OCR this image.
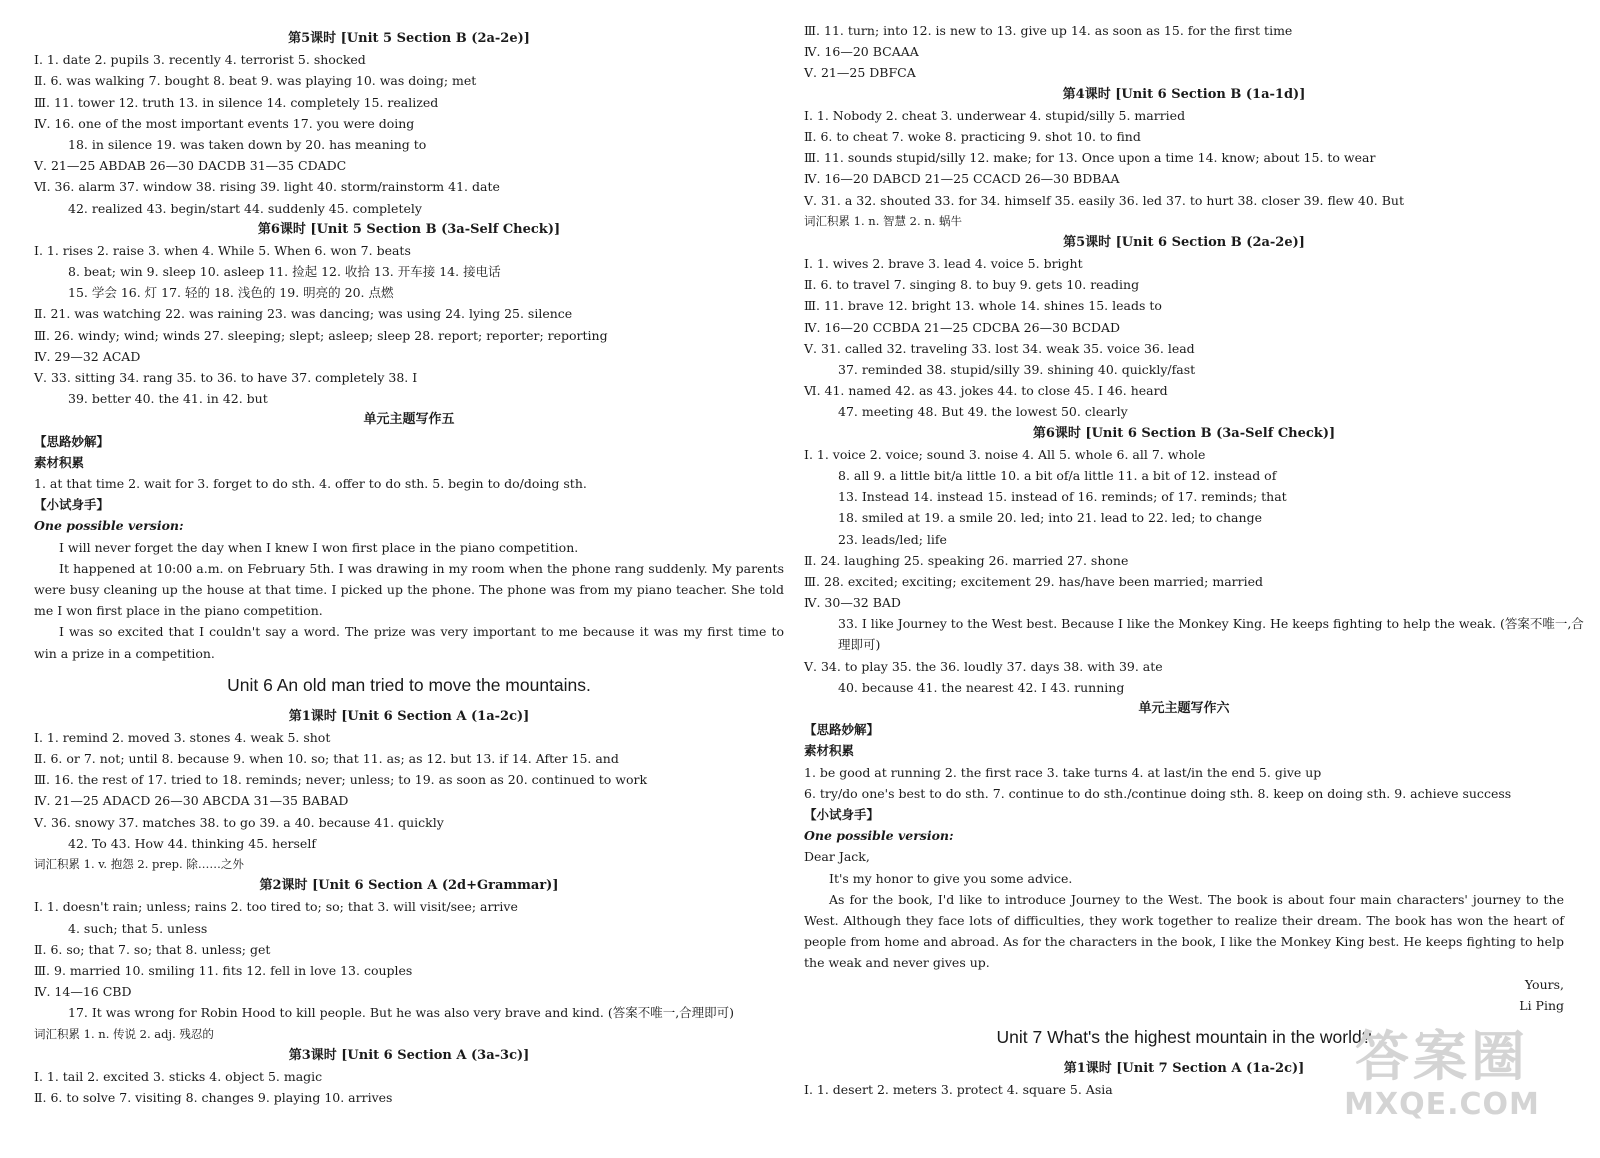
第5课时 [Unit 5 Section B (2a-2e)]
Ⅰ. 1. date 2. pupils 3. recently 4. terrorist 5. shocked
Ⅱ. 6. was walking 7. bought 8. beat 9. was playing 10. was doing; met
Ⅲ. 11. tower 12. truth 13. in silence 14. completely 15. realized
Ⅳ. 16. one of the most important events 17. you were doing
18. in silence 19. was taken down by 20. has meaning to
Ⅴ. 21—25 ABDAB 26—30 DACDB 31—35 CDADC
Ⅵ. 36. alarm 37. window 38. rising 39. light 40. storm/rainstorm 41. date
42. realized 43. begin/start 44. suddenly 45. completely
第6课时 [Unit 5 Section B (3a-Self Check)]
Ⅰ. 1. rises 2. raise 3. when 4. While 5. When 6. won 7. beats
8. beat; win 9. sleep 10. asleep 11. 捡起 12. 收拾 13. 开车接 14. 接电话
15. 学会 16. 灯 17. 轻的 18. 浅色的 19. 明亮的 20. 点燃
Ⅱ. 21. was watching 22. was raining 23. was dancing; was using 24. lying 25. silence
Ⅲ. 26. windy; wind; winds 27. sleeping; slept; asleep; sleep 28. report; reporter; reporting
Ⅳ. 29—32 ACAD
Ⅴ. 33. sitting 34. rang 35. to 36. to have 37. completely 38. I
39. better 40. the 41. in 42. but
单元主题写作五
【思路妙解】
素材积累
1. at that time 2. wait for 3. forget to do sth. 4. offer to do sth. 5. begin to do/doing sth.
【小试身手】
One possible version:
I will never forget the day when I knew I won first place in the piano competition.
It happened at 10:00 a.m. on February 5th. I was drawing in my room when the phone rang suddenly. My parents were busy cleaning up the house at that time. I picked up the phone. The phone was from my piano teacher. She told me I won first place in the piano competition.
I was so excited that I couldn't say a word. The prize was very important to me because it was my first time to win a prize in a competition.
Unit 6 An old man tried to move the mountains.
第1课时 [Unit 6 Section A (1a-2c)]
Ⅰ. 1. remind 2. moved 3. stones 4. weak 5. shot
Ⅱ. 6. or 7. not; until 8. because 9. when 10. so; that 11. as; as 12. but 13. if 14. After 15. and
Ⅲ. 16. the rest of 17. tried to 18. reminds; never; unless; to 19. as soon as 20. continued to work
Ⅳ. 21—25 ADACD 26—30 ABCDA 31—35 BABAD
Ⅴ. 36. snowy 37. matches 38. to go 39. a 40. because 41. quickly
42. To 43. How 44. thinking 45. herself
词汇积累 1. v. 抱怨 2. prep. 除……之外
第2课时 [Unit 6 Section A (2d+Grammar)]
Ⅰ. 1. doesn't rain; unless; rains 2. too tired to; so; that 3. will visit/see; arrive
4. such; that 5. unless
Ⅱ. 6. so; that 7. so; that 8. unless; get
Ⅲ. 9. married 10. smiling 11. fits 12. fell in love 13. couples
Ⅳ. 14—16 CBD
17. It was wrong for Robin Hood to kill people. But he was also very brave and kind. (答案不唯一,合理即可)
词汇积累 1. n. 传说 2. adj. 残忍的
第3课时 [Unit 6 Section A (3a-3c)]
Ⅰ. 1. tail 2. excited 3. sticks 4. object 5. magic
Ⅱ. 6. to solve 7. visiting 8. changes 9. playing 10. arrives
Ⅲ. 11. turn; into 12. is new to 13. give up 14. as soon as 15. for the first time
Ⅳ. 16—20 BCAAA
Ⅴ. 21—25 DBFCA
第4课时 [Unit 6 Section B (1a-1d)]
Ⅰ. 1. Nobody 2. cheat 3. underwear 4. stupid/silly 5. married
Ⅱ. 6. to cheat 7. woke 8. practicing 9. shot 10. to find
Ⅲ. 11. sounds stupid/silly 12. make; for 13. Once upon a time 14. know; about 15. to wear
Ⅳ. 16—20 DABCD 21—25 CCACD 26—30 BDBAA
Ⅴ. 31. a 32. shouted 33. for 34. himself 35. easily 36. led 37. to hurt 38. closer 39. flew 40. But
词汇积累 1. n. 智慧 2. n. 蜗牛
第5课时 [Unit 6 Section B (2a-2e)]
Ⅰ. 1. wives 2. brave 3. lead 4. voice 5. bright
Ⅱ. 6. to travel 7. singing 8. to buy 9. gets 10. reading
Ⅲ. 11. brave 12. bright 13. whole 14. shines 15. leads to
Ⅳ. 16—20 CCBDA 21—25 CDCBA 26—30 BCDAD
Ⅴ. 31. called 32. traveling 33. lost 34. weak 35. voice 36. lead
37. reminded 38. stupid/silly 39. shining 40. quickly/fast
Ⅵ. 41. named 42. as 43. jokes 44. to close 45. I 46. heard
47. meeting 48. But 49. the lowest 50. clearly
第6课时 [Unit 6 Section B (3a-Self Check)]
Ⅰ. 1. voice 2. voice; sound 3. noise 4. All 5. whole 6. all 7. whole
8. all 9. a little bit/a little 10. a bit of/a little 11. a bit of 12. instead of
13. Instead 14. instead 15. instead of 16. reminds; of 17. reminds; that
18. smiled at 19. a smile 20. led; into 21. lead to 22. led; to change
23. leads/led; life
Ⅱ. 24. laughing 25. speaking 26. married 27. shone
Ⅲ. 28. excited; exciting; excitement 29. has/have been married; married
Ⅳ. 30—32 BAD
33. I like Journey to the West best. Because I like the Monkey King. He keeps fighting to help the weak. (答案不唯一,合
理即可)
Ⅴ. 34. to play 35. the 36. loudly 37. days 38. with 39. ate
40. because 41. the nearest 42. I 43. running
单元主题写作六
【思路妙解】
素材积累
1. be good at running 2. the first race 3. take turns 4. at last/in the end 5. give up
6. try/do one's best to do sth. 7. continue to do sth./continue doing sth. 8. keep on doing sth. 9. achieve success
【小试身手】
One possible version:
Dear Jack,
It's my honor to give you some advice.
As for the book, I'd like to introduce Journey to the West. The book is about four main characters' journey to the West. Although they face lots of difficulties, they work together to realize their dream. The book has won the heart of people from home and abroad. As for the characters in the book, I like the Monkey King best. He keeps fighting to help the weak and never gives up.
Yours,
Li Ping
Unit 7 What's the highest mountain in the world?
第1课时 [Unit 7 Section A (1a-2c)]
Ⅰ. 1. desert 2. meters 3. protect 4. square 5. Asia
答案圈
MXQE.COM
